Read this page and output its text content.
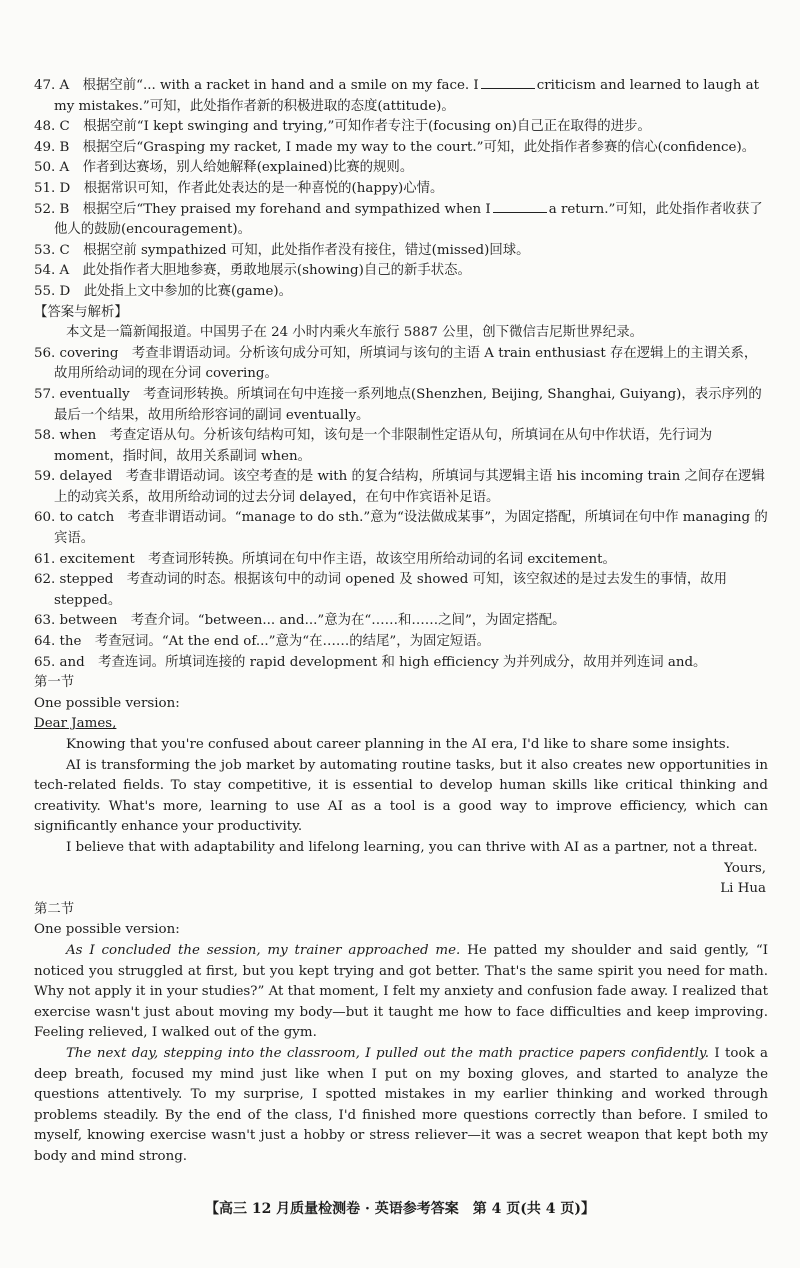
47. A　 根据空前“... with a racket in hand and a smile on my face. I	criticism and learned to laugh at my mistakes.”可知，此处指作者新的积极进取的态度(attitude)。
48. C　 根据空前“I kept swinging and trying,”可知作者专注于(focusing on)自己正在取得的进步。
49. B　 根据空后“Grasping my racket, I made my way to the court.”可知，此处指作者参赛的信心(confidence)。
50. A　 作者到达赛场，别人给她解释(explained)比赛的规则。
51. D　 根据常识可知，作者此处表达的是一种喜悦的(happy)心情。
52. B　 根据空后“They praised my forehand and sympathized when I	a return.”可知，此处指作者收获了他人的鼓励(encouragement)。
53. C　 根据空前 sympathized 可知，此处指作者没有接住，错过(missed)回球。
54. A　 此处指作者大胆地参赛，勇敢地展示(showing)自己的新手状态。
55. D　 此处指上文中参加的比赛(game)。

【答案与解析】

本文是一篇新闻报道。中国男子在 24 小时内乘火车旅行 5887 公里，创下微信吉尼斯世界纪录。

56. covering　 考查非谓语动词。分析该句成分可知，所填词与该句的主语 A train enthusiast 存在逻辑上的主谓关系，故用所给动词的现在分词 covering。
57. eventually　 考查词形转换。所填词在句中连接一系列地点(Shenzhen, Beijing, Shanghai, Guiyang)，表示序列的最后一个结果，故用所给形容词的副词 eventually。
58. when　 考查定语从句。分析该句结构可知，该句是一个非限制性定语从句，所填词在从句中作状语，先行词为 moment，指时间，故用关系副词 when。
59. delayed　 考查非谓语动词。该空考查的是 with 的复合结构，所填词与其逻辑主语 his incoming train 之间存在逻辑上的动宾关系，故用所给动词的过去分词 delayed，在句中作宾语补足语。
60. to catch　 考查非谓语动词。“manage to do sth.”意为“设法做成某事”，为固定搭配，所填词在句中作 managing 的宾语。
61. excitement　 考查词形转换。所填词在句中作主语，故该空用所给动词的名词 excitement。
62. stepped　 考查动词的时态。根据该句中的动词 opened 及 showed 可知，该空叙述的是过去发生的事情，故用 stepped。
63. between　 考查介词。“between... and...”意为在“……和……之间”，为固定搭配。
64. the　 考查冠词。“At the end of...”意为“在……的结尾”，为固定短语。
65. and　 考查连词。所填词连接的 rapid development 和 high efficiency 为并列成分，故用并列连词 and。

第一节

One possible version:

Dear James,

Knowing that you're confused about career planning in the AI era, I'd like to share some insights.

AI is transforming the job market by automating routine tasks, but it also creates new opportunities in tech-related fields. To stay competitive, it is essential to develop human skills like critical thinking and creativity. What's more, learning to use AI as a tool is a good way to improve efficiency, which can significantly enhance your productivity.

I believe that with adaptability and lifelong learning, you can thrive with AI as a partner, not a threat.

Yours,

Li Hua

第二节

One possible version:

As I concluded the session, my trainer approached me. He patted my shoulder and said gently, “I noticed you struggled at first, but you kept trying and got better. That's the same spirit you need for math. Why not apply it in your studies?” At that moment, I felt my anxiety and confusion fade away. I realized that exercise wasn't just about moving my body—but it taught me how to face difficulties and keep improving. Feeling relieved, I walked out of the gym.

The next day, stepping into the classroom, I pulled out the math practice papers confidently. I took a deep breath, focused my mind just like when I put on my boxing gloves, and started to analyze the questions attentively. To my surprise, I spotted mistakes in my earlier thinking and worked through problems steadily. By the end of the class, I'd finished more questions correctly than before. I smiled to myself, knowing exercise wasn't just a hobby or stress reliever—it was a secret weapon that kept both my body and mind strong.

【高三 12 月质量检测卷 · 英语参考答案　第 4 页(共 4 页)】
